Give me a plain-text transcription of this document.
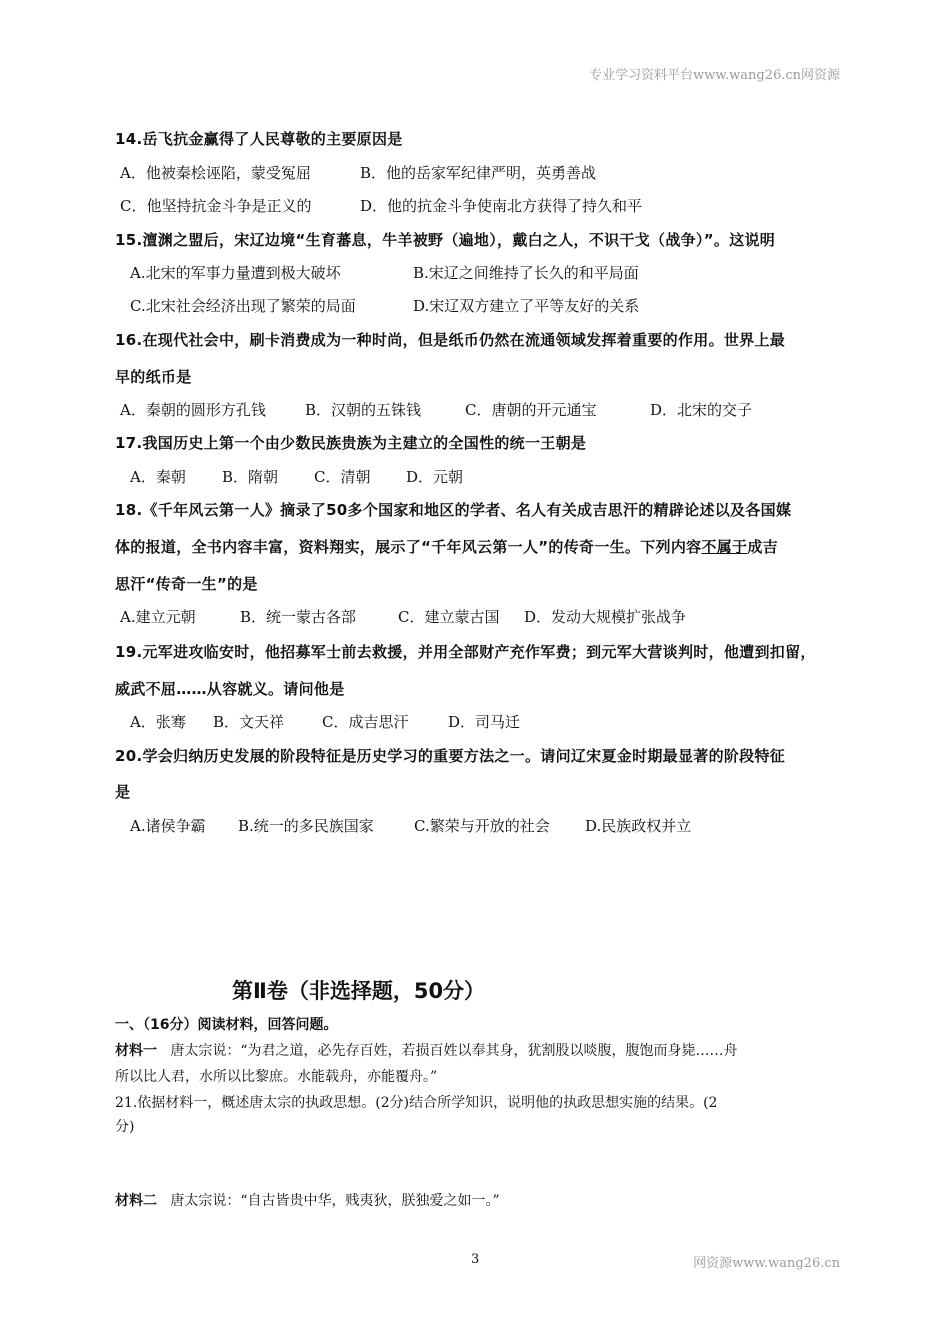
专业学习资料平台www.wang26.cn网资源
14.岳飞抗金赢得了人民尊敬的主要原因是
A．他被秦桧诬陷，蒙受冤屈	B．他的岳家军纪律严明，英勇善战
C．他坚持抗金斗争是正义的	D．他的抗金斗争使南北方获得了持久和平
15.澶渊之盟后，宋辽边境“生育蕃息，牛羊被野（遍地），戴白之人，不识干戈（战争）”。这说明
A.北宋的军事力量遭到极大破坏	B.宋辽之间维持了长久的和平局面
C.北宋社会经济出现了繁荣的局面	D.宋辽双方建立了平等友好的关系
16.在现代社会中，刷卡消费成为一种时尚，但是纸币仍然在流通领域发挥着重要的作用。世界上最
早的纸币是
A．秦朝的圆形方孔钱	B．汉朝的五铢钱	C．唐朝的开元通宝	D．北宋的交子
17.我国历史上第一个由少数民族贵族为主建立的全国性的统一王朝是
A．秦朝 B．隋朝 C．清朝 D．元朝
18.《千年风云第一人》摘录了50多个国家和地区的学者、名人有关成吉思汗的精辟论述以及各国媒
体的报道，全书内容丰富，资料翔实，展示了“千年风云第一人”的传奇一生。下列内容不属于成吉
思汗“传奇一生”的是
A.建立元朝	B．统一蒙古各部	C．建立蒙古国 D．发动大规模扩张战争
19.元军进攻临安时，他招募军士前去救援，并用全部财产充作军费；到元军大营谈判时，他遭到扣留，
威武不屈……从容就义。请问他是
A．张骞 B．文天祥	C．成吉思汗	D．司马迁
20.学会归纳历史发展的阶段特征是历史学习的重要方法之一。请问辽宋夏金时期最显著的阶段特征
是
A.诸侯争霸 B.统一的多民族国家	C.繁荣与开放的社会 D.民族政权并立
第Ⅱ卷（非选择题，50分）
一、（16分）阅读材料，回答问题。
材料一 唐太宗说：“为君之道，必先存百姓，若损百姓以奉其身，犹割股以啖腹，腹饱而身毙……舟
所以比人君，水所以比黎庶。水能载舟，亦能覆舟。”
21.依据材料一，概述唐太宗的执政思想。(2分)结合所学知识，说明他的执政思想实施的结果。(2
分)
材料二 唐太宗说：“自古皆贵中华，贱夷狄，朕独爱之如一。”
3	网资源www.wang26.cn
